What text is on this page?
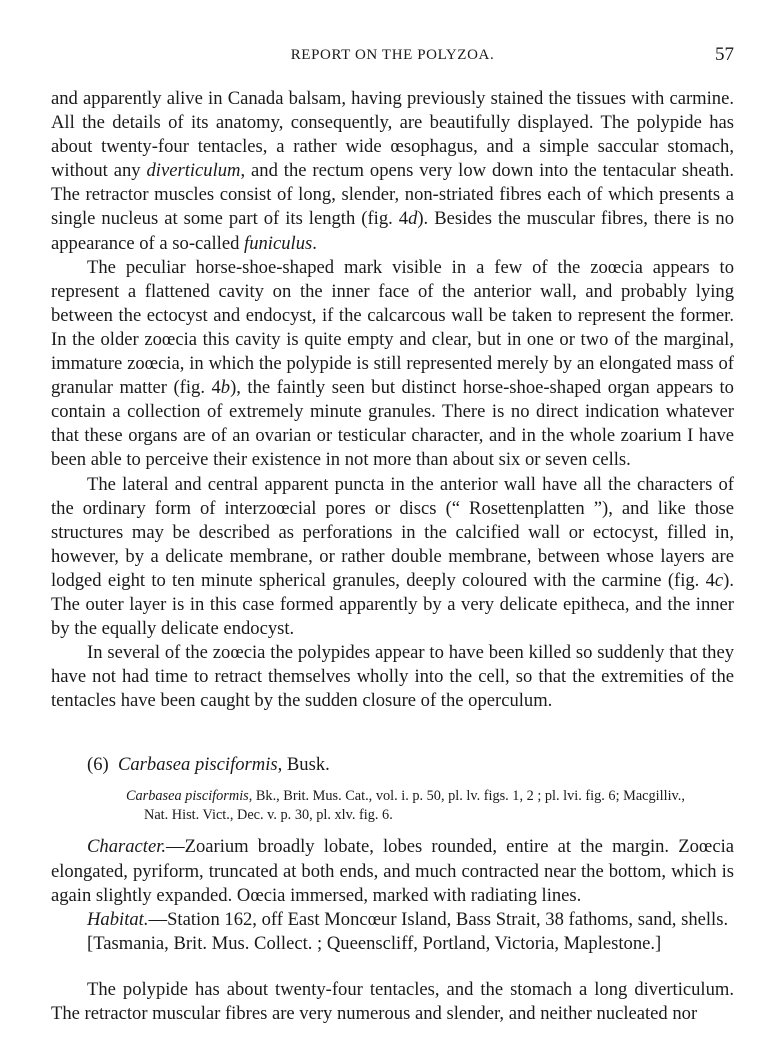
REPORT ON THE POLYZOA.	57

and apparently alive in Canada balsam, having previously stained the tissues with carmine. All the details of its anatomy, consequently, are beautifully displayed. The polypide has about twenty-four tentacles, a rather wide œsophagus, and a simple saccular stomach, without any diverticulum, and the rectum opens very low down into the tentacular sheath. The retractor muscles consist of long, slender, non-striated fibres each of which presents a single nucleus at some part of its length (fig. 4d). Besides the muscular fibres, there is no appearance of a so-called funiculus.

The peculiar horse-shoe-shaped mark visible in a few of the zoœcia appears to represent a flattened cavity on the inner face of the anterior wall, and probably lying between the ectocyst and endocyst, if the calcarcous wall be taken to represent the former. In the older zoœcia this cavity is quite empty and clear, but in one or two of the marginal, immature zoœcia, in which the polypide is still represented merely by an elongated mass of granular matter (fig. 4b), the faintly seen but distinct horse-shoe-shaped organ appears to contain a collection of extremely minute granules. There is no direct indication whatever that these organs are of an ovarian or testicular character, and in the whole zoarium I have been able to perceive their existence in not more than about six or seven cells.

The lateral and central apparent puncta in the anterior wall have all the characters of the ordinary form of interzoœcial pores or discs (“ Rosettenplatten ”), and like those structures may be described as perforations in the calcified wall or ectocyst, filled in, however, by a delicate membrane, or rather double membrane, between whose layers are lodged eight to ten minute spherical granules, deeply coloured with the carmine (fig. 4c). The outer layer is in this case formed apparently by a very delicate epitheca, and the inner by the equally delicate endocyst.

In several of the zoœcia the polypides appear to have been killed so suddenly that they have not had time to retract themselves wholly into the cell, so that the extremities of the tentacles have been caught by the sudden closure of the operculum.

(6) Carbasea pisciformis, Busk.
Carbasea pisciformis, Bk., Brit. Mus. Cat., vol. i. p. 50, pl. lv. figs. 1, 2 ; pl. lvi. fig. 6; Macgilliv.,
Nat. Hist. Vict., Dec. v. p. 30, pl. xlv. fig. 6.

Character.—Zoarium broadly lobate, lobes rounded, entire at the margin. Zoœcia elongated, pyriform, truncated at both ends, and much contracted near the bottom, which is again slightly expanded. Oœcia immersed, marked with radiating lines.

Habitat.—Station 162, off East Moncœur Island, Bass Strait, 38 fathoms, sand, shells.

[Tasmania, Brit. Mus. Collect. ; Queenscliff, Portland, Victoria, Maplestone.]

The polypide has about twenty-four tentacles, and the stomach a long diverticulum. The retractor muscular fibres are very numerous and slender, and neither nucleated nor
